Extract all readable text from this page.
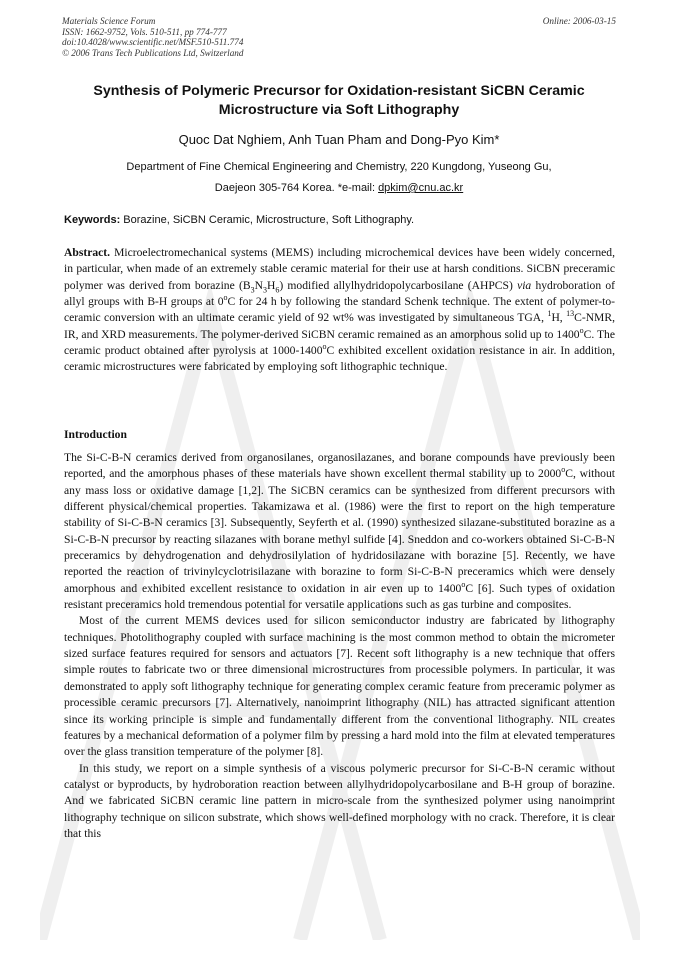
Materials Science Forum
ISSN: 1662-9752, Vols. 510-511, pp 774-777
doi:10.4028/www.scientific.net/MSF.510-511.774
© 2006 Trans Tech Publications Ltd, Switzerland
Online: 2006-03-15
Synthesis of Polymeric Precursor for Oxidation-resistant SiCBN Ceramic
Microstructure via Soft Lithography
Quoc Dat Nghiem, Anh Tuan Pham and Dong-Pyo Kim*
Department of Fine Chemical Engineering and Chemistry, 220 Kungdong, Yuseong Gu,
Daejeon 305-764 Korea. *e-mail: dpkim@cnu.ac.kr
Keywords: Borazine, SiCBN Ceramic, Microstructure, Soft Lithography.

Abstract. Microelectromechanical systems (MEMS) including microchemical devices have been widely concerned, in particular, when made of an extremely stable ceramic material for their use at harsh conditions. SiCBN preceramic polymer was derived from borazine $(B_3N_3H_6)$ modified allylhydridopolycarbosilane (AHPCS) via hydroboration of allyl groups with B-H groups at 0$^o$C for 24 h by following the standard Schenk technique. The extent of polymer-to-ceramic conversion with an ultimate ceramic yield of 92 wt% was investigated by simultaneous TGA, $^1$H, $^{13}$C-NMR, IR, and XRD measurements. The polymer-derived SiCBN ceramic remained as an amorphous solid up to 1400$^o$C. The ceramic product obtained after pyrolysis at 1000-1400$^o$C exhibited excellent oxidation resistance in air. In addition, ceramic microstructures were fabricated by employing soft lithographic technique.

Introduction

The Si-C-B-N ceramics derived from organosilanes, organosilazanes, and borane compounds have previously been reported, and the amorphous phases of these materials have shown excellent thermal stability up to 2000$^o$C, without any mass loss or oxidative damage [1,2]. The SiCBN ceramics can be synthesized from different precursors with different physical/chemical properties. Takamizawa et al. (1986) were the first to report on the high temperature stability of Si-C-B-N ceramics [3]. Subsequently, Seyferth et al. (1990) synthesized silazane-substituted borazine as a Si-C-B-N precursor by reacting silazanes with borane methyl sulfide [4]. Sneddon and co-workers obtained Si-C-B-N preceramics by dehydrogenation and dehydrosilylation of hydridosilazane with borazine [5]. Recently, we have reported the reaction of trivinylcyclotrisilazane with borazine to form Si-C-B-N preceramics which were densely amorphous and exhibited excellent resistance to oxidation in air even up to 1400$^o$C [6]. Such types of oxidation resistant preceramics hold tremendous potential for versatile applications such as gas turbine and composites.

Most of the current MEMS devices used for silicon semiconductor industry are fabricated by lithography techniques. Photolithography coupled with surface machining is the most common method to obtain the micrometer sized surface features required for sensors and actuators [7]. Recent soft lithography is a new technique that offers simple routes to fabricate two or three dimensional microstructures from processible polymers. In particular, it was demonstrated to apply soft lithography technique for generating complex ceramic feature from preceramic polymer as processible ceramic precursors [7]. Alternatively, nanoimprint lithography (NIL) has attracted significant attention since its working principle is simple and fundamentally different from the conventional lithography. NIL creates features by a mechanical deformation of a polymer film by pressing a hard mold into the film at elevated temperatures over the glass transition temperature of the polymer [8].

In this study, we report on a simple synthesis of a viscous polymeric precursor for Si-C-B-N ceramic without catalyst or byproducts, by hydroboration reaction between allylhydridopolycarbosilane and B-H group of borazine. And we fabricated SiCBN ceramic line pattern in micro-scale from the synthesized polymer using nanoimprint lithography technique on silicon substrate, which shows well-defined morphology with no crack. Therefore, it is clear that this
